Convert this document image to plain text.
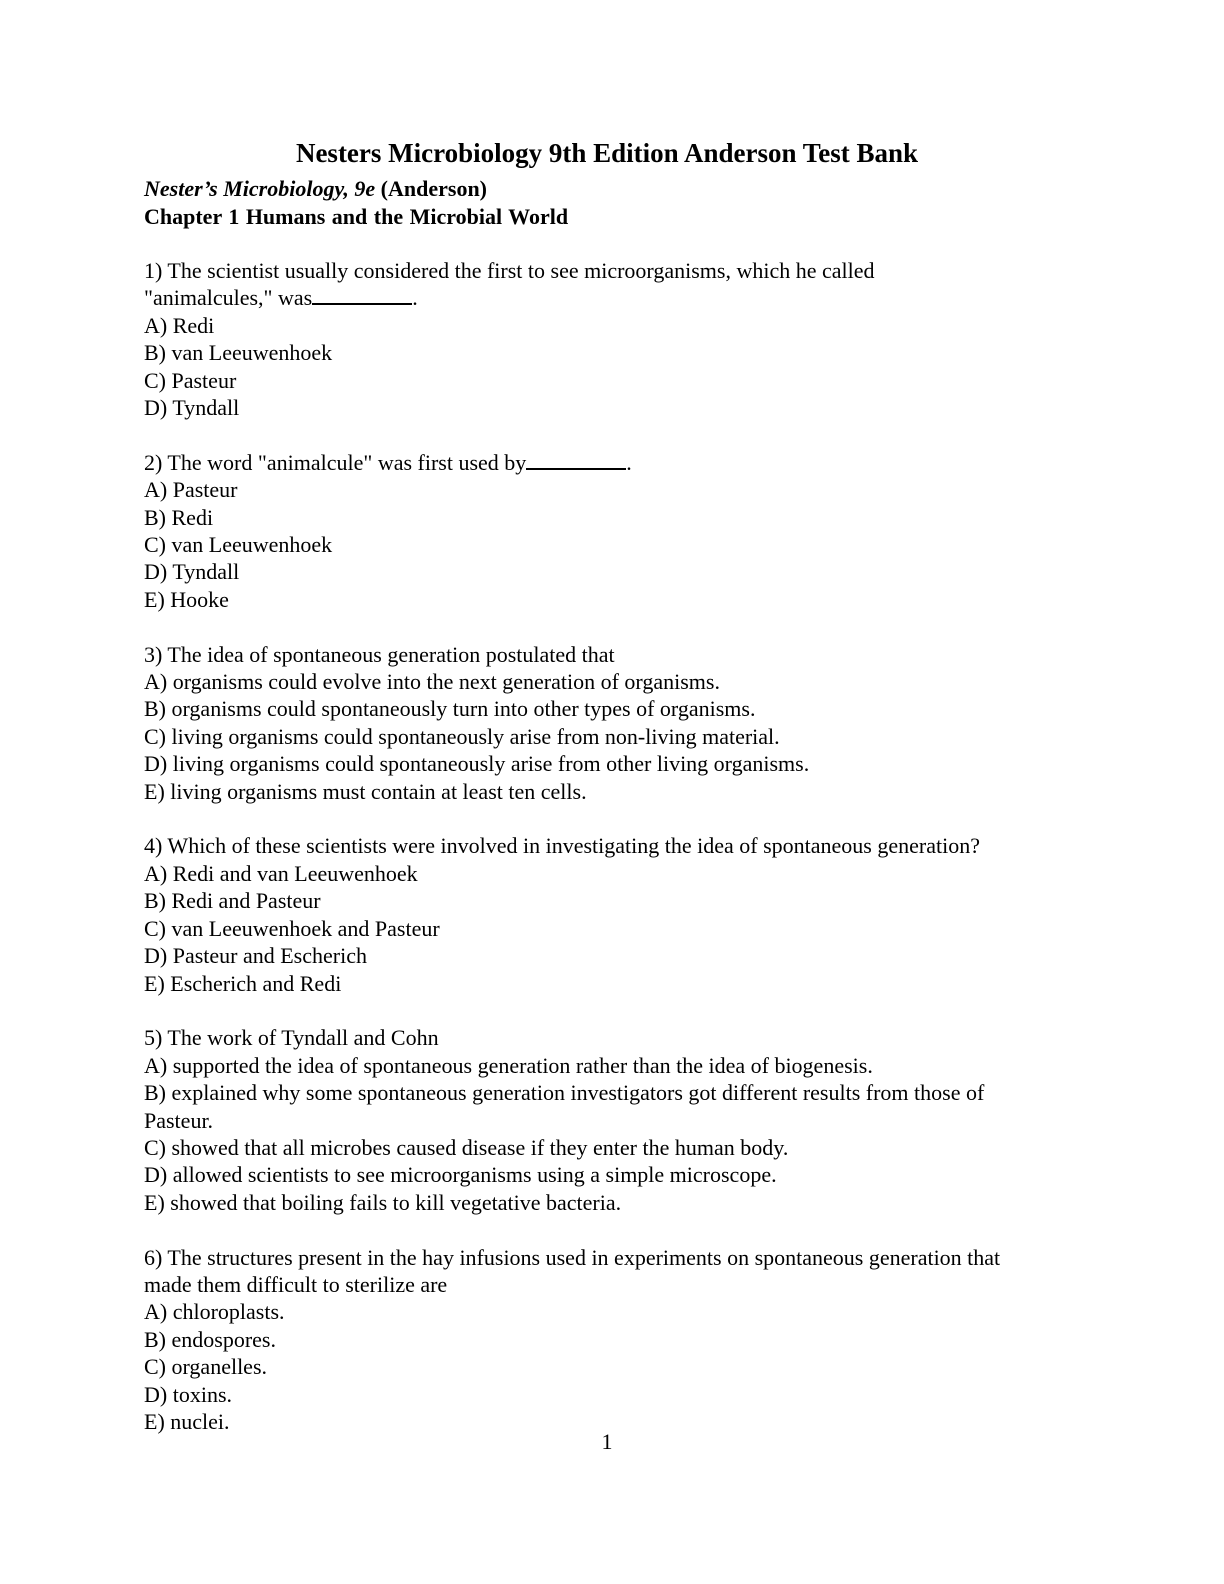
Nesters Microbiology 9th Edition Anderson Test Bank
Nester’s Microbiology, 9e (Anderson)
Chapter 1 Humans and the Microbial World
1) The scientist usually considered the first to see microorganisms, which he called
"animalcules," was	.
A) Redi
B) van Leeuwenhoek
C) Pasteur
D) Tyndall
2) The word "animalcule" was first used by	.
A) Pasteur
B) Redi
C) van Leeuwenhoek
D) Tyndall
E) Hooke
3) The idea of spontaneous generation postulated that
A) organisms could evolve into the next generation of organisms.
B) organisms could spontaneously turn into other types of organisms.
C) living organisms could spontaneously arise from non-living material.
D) living organisms could spontaneously arise from other living organisms.
E) living organisms must contain at least ten cells.
4) Which of these scientists were involved in investigating the idea of spontaneous generation?
A) Redi and van Leeuwenhoek
B) Redi and Pasteur
C) van Leeuwenhoek and Pasteur
D) Pasteur and Escherich
E) Escherich and Redi
5) The work of Tyndall and Cohn
A) supported the idea of spontaneous generation rather than the idea of biogenesis.
B) explained why some spontaneous generation investigators got different results from those of
Pasteur.
C) showed that all microbes caused disease if they enter the human body.
D) allowed scientists to see microorganisms using a simple microscope.
E) showed that boiling fails to kill vegetative bacteria.
6) The structures present in the hay infusions used in experiments on spontaneous generation that
made them difficult to sterilize are
A) chloroplasts.
B) endospores.
C) organelles.
D) toxins.
E) nuclei.
1
